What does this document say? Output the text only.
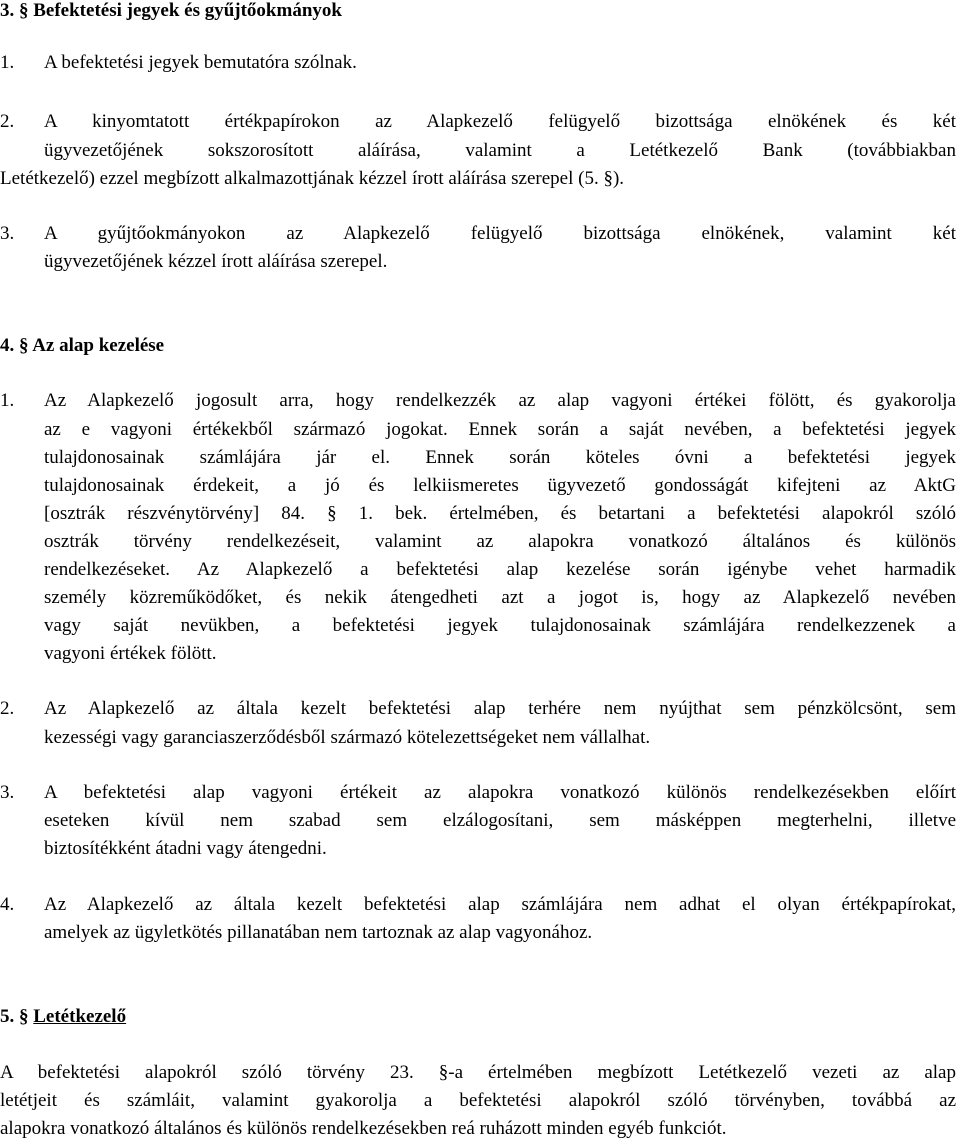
3. § Befektetési jegyek és gyűjtőokmányok
1. A befektetési jegyek bemutatóra szólnak.
2. A kinyomtatott értékpapírokon az Alapkezelő felügyelő bizottsága elnökének és két
ügyvezetőjének sokszorosított aláírása, valamint a Letétkezelő Bank (továbbiakban
Letétkezelő) ezzel megbízott alkalmazottjának kézzel írott aláírása szerepel (5. §).
3. A gyűjtőokmányokon az Alapkezelő felügyelő bizottsága elnökének, valamint két
ügyvezetőjének kézzel írott aláírása szerepel.
4. § Az alap kezelése
1. Az Alapkezelő jogosult arra, hogy rendelkezzék az alap vagyoni értékei fölött, és gyakorolja
az e vagyoni értékekből származó jogokat. Ennek során a saját nevében, a befektetési jegyek
tulajdonosainak számlájára jár el. Ennek során köteles óvni a befektetési jegyek
tulajdonosainak érdekeit, a jó és lelkiismeretes ügyvezető gondosságát kifejteni az AktG
[osztrák részvénytörvény] 84. § 1. bek. értelmében, és betartani a befektetési alapokról szóló
osztrák törvény rendelkezéseit, valamint az alapokra vonatkozó általános és különös
rendelkezéseket. Az Alapkezelő a befektetési alap kezelése során igénybe vehet harmadik
személy közreműködőket, és nekik átengedheti azt a jogot is, hogy az Alapkezelő nevében
vagy saját nevükben, a befektetési jegyek tulajdonosainak számlájára rendelkezzenek a
vagyoni értékek fölött.
2. Az Alapkezelő az általa kezelt befektetési alap terhére nem nyújthat sem pénzkölcsönt, sem
kezességi vagy garanciaszerződésből származó kötelezettségeket nem vállalhat.
3. A befektetési alap vagyoni értékeit az alapokra vonatkozó különös rendelkezésekben előírt
eseteken kívül nem szabad sem elzálogosítani, sem másképpen megterhelni, illetve
biztosítékként átadni vagy átengedni.
4. Az Alapkezelő az általa kezelt befektetési alap számlájára nem adhat el olyan értékpapírokat,
amelyek az ügyletkötés pillanatában nem tartoznak az alap vagyonához.
5. § Letétkezelő
A befektetési alapokról szóló törvény 23. §-a értelmében megbízott Letétkezelő vezeti az alap
letétjeit és számláit, valamint gyakorolja a befektetési alapokról szóló törvényben, továbbá az
alapokra vonatkozó általános és különös rendelkezésekben reá ruházott minden egyéb funkciót.
